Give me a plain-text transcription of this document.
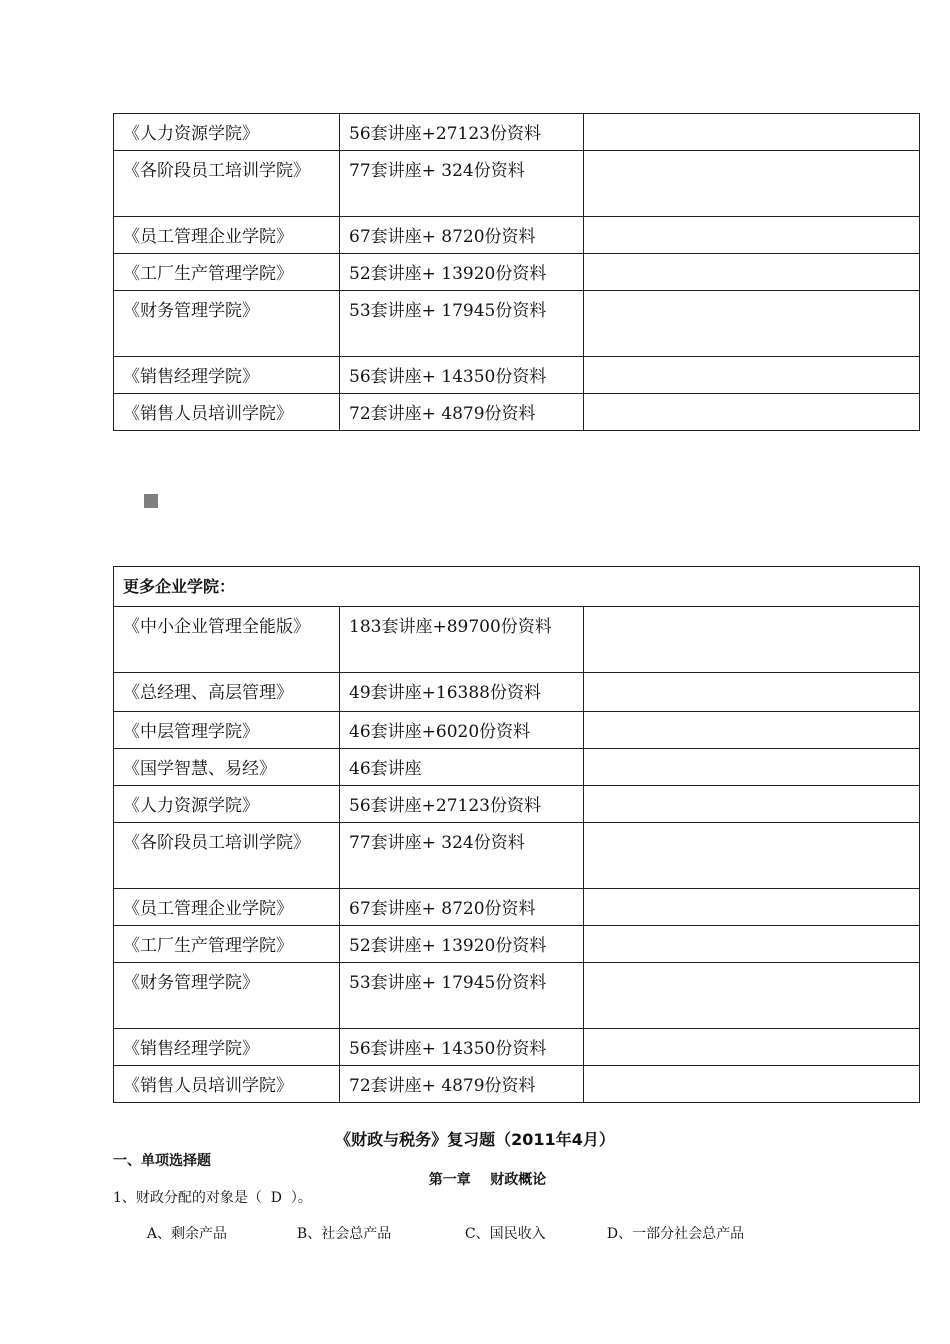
《人力资源学院》	56套讲座+27123份资料	
《各阶段员工培训学院》	77套讲座+ 324份资料	
《员工管理企业学院》	67套讲座+ 8720份资料	
《工厂生产管理学院》	52套讲座+ 13920份资料	
《财务管理学院》	53套讲座+ 17945份资料	
《销售经理学院》	56套讲座+ 14350份资料	
《销售人员培训学院》	72套讲座+ 4879份资料	
更多企业学院：		
《中小企业管理全能版》	183套讲座+89700份资料	
《总经理、高层管理》	49套讲座+16388份资料	
《中层管理学院》	46套讲座+6020份资料	
《国学智慧、易经》	46套讲座	
《人力资源学院》	56套讲座+27123份资料	
《各阶段员工培训学院》	77套讲座+ 324份资料	
《员工管理企业学院》	67套讲座+ 8720份资料	
《工厂生产管理学院》	52套讲座+ 13920份资料	
《财务管理学院》	53套讲座+ 17945份资料	
《销售经理学院》	56套讲座+ 14350份资料	
《销售人员培训学院》	72套讲座+ 4879份资料	
《财政与税务》复习题（2011年4月）
一、单项选择题
第一章    财政概论
1、财政分配的对象是（  D  ）。

A、剩余产品	B、社会总产品	C、国民收入	D、一部分社会总产品
